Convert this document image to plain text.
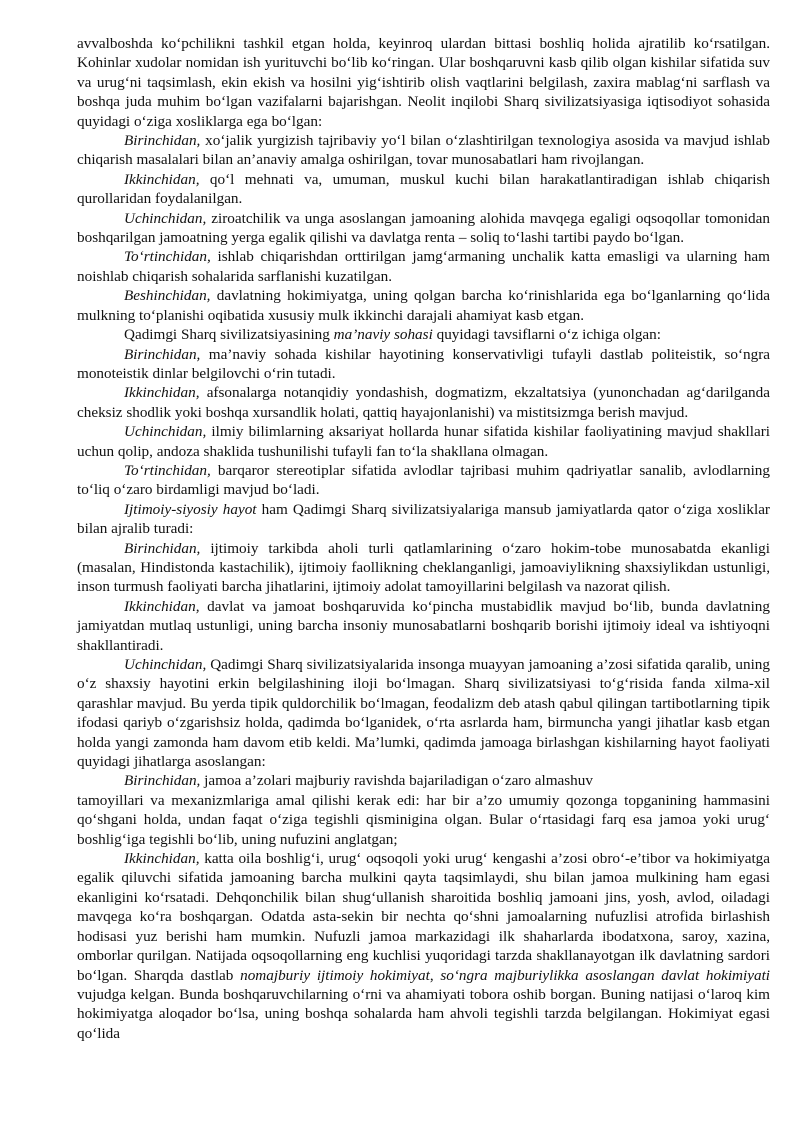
avvalboshda ko‘pchilikni tashkil etgan holda, keyinroq ulardan bittasi boshliq holida ajratilib ko‘rsatilgan. Kohinlar xudolar nomidan ish yurituvchi bo‘lib ko‘ringan. Ular boshqaruvni kasb qilib olgan kishilar sifatida suv va urug‘ni taqsimlash, ekin ekish va hosilni yig‘ishtirib olish vaqtlarini belgilash, zaxira mablag‘ni sarflash va boshqa juda muhim bo‘lgan vazifalarni bajarishgan. Neolit inqilobi Sharq sivilizatsiyasiga iqtisodiyot sohasida quyidagi o‘ziga xosliklarga ega bo‘lgan:

Birinchidan, xo‘jalik yurgizish tajribaviy yo‘l bilan o‘zlashtirilgan texnologiya asosida va mavjud ishlab chiqarish masalalari bilan an’anaviy amalga oshirilgan, tovar munosabatlari ham rivojlangan.

Ikkinchidan, qo‘l mehnati va, umuman, muskul kuchi bilan harakatlantiradigan ishlab chiqarish qurollaridan foydalanilgan.

Uchinchidan, ziroatchilik va unga asoslangan jamoaning alohida mavqega egaligi oqsoqollar tomonidan boshqarilgan jamoatning yerga egalik qilishi va davlatga renta – soliq to‘lashi tartibi paydo bo‘lgan.

To‘rtinchidan, ishlab chiqarishdan orttirilgan jamg‘armaning unchalik katta emasligi va ularning ham noishlab chiqarish sohalarida sarflanishi kuzatilgan.

Beshinchidan, davlatning hokimiyatga, uning qolgan barcha ko‘rinishlarida ega bo‘lganlarning qo‘lida mulkning to‘planishi oqibatida xususiy mulk ikkinchi darajali ahamiyat kasb etgan.

Qadimgi Sharq sivilizatsiyasining ma’naviy sohasi quyidagi tavsiflarni o‘z ichiga olgan:

Birinchidan, ma’naviy sohada kishilar hayotining konservativligi tufayli dastlab politeistik, so‘ngra monoteistik dinlar belgilovchi o‘rin tutadi.

Ikkinchidan, afsonalarga notanqidiy yondashish, dogmatizm, ekzaltatsiya (yunonchadan ag‘darilganda cheksiz shodlik yoki boshqa xursandlik holati, qattiq hayajonlanishi) va mistitsizmga berish mavjud.

Uchinchidan, ilmiy bilimlarning aksariyat hollarda hunar sifatida kishilar faoliyatining mavjud shakllari uchun qolip, andoza shaklida tushunilishi tufayli fan to‘la shakllana olmagan.

To‘rtinchidan, barqaror stereotiplar sifatida avlodlar tajribasi muhim qadriyatlar sanalib, avlodlarning to‘liq o‘zaro birdamligi mavjud bo‘ladi.

Ijtimoiy-siyosiy hayot ham Qadimgi Sharq sivilizatsiyalariga mansub jamiyatlarda qator o‘ziga xosliklar bilan ajralib turadi:

Birinchidan, ijtimoiy tarkibda aholi turli qatlamlarining o‘zaro hokim-tobe munosabatda ekanligi (masalan, Hindistonda kastachilik), ijtimoiy faollikning cheklanganligi, jamoaviylikning shaxsiylikdan ustunligi, inson turmush faoliyati barcha jihatlarini, ijtimoiy adolat tamoyillarini belgilash va nazorat qilish.

Ikkinchidan, davlat va jamoat boshqaruvida ko‘pincha mustabidlik mavjud bo‘lib, bunda davlatning jamiyatdan mutlaq ustunligi, uning barcha insoniy munosabatlarni boshqarib borishi ijtimoiy ideal va ishtiyoqni shakllantiradi.

Uchinchidan, Qadimgi Sharq sivilizatsiyalarida insonga muayyan jamoaning a’zosi sifatida qaralib, uning o‘z shaxsiy hayotini erkin belgilashining iloji bo‘lmagan. Sharq sivilizatsiyasi to‘g‘risida fanda xilma-xil qarashlar mavjud. Bu yerda tipik quldorchilik bo‘lmagan, feodalizm deb atash qabul qilingan tartibotlarning tipik ifodasi qariyb o‘zgarishsiz holda, qadimda bo‘lganidek, o‘rta asrlarda ham, birmuncha yangi jihatlar kasb etgan holda yangi zamonda ham davom etib keldi. Ma’lumki, qadimda jamoaga birlashgan kishilarning hayot faoliyati quyidagi jihatlarga asoslangan:

Birinchidan, jamoa a’zolari majburiy ravishda bajariladigan o‘zaro almashuv

tamoyillari va mexanizmlariga amal qilishi kerak edi: har bir a’zo umumiy qozonga topganining hammasini qo‘shgani holda, undan faqat o‘ziga tegishli qisminigina olgan. Bular o‘rtasidagi farq esa jamoa yoki urug‘ boshlig‘iga tegishli bo‘lib, uning nufuzini anglatgan;

Ikkinchidan, katta oila boshlig‘i, urug‘ oqsoqoli yoki urug‘ kengashi a’zosi obro‘-e’tibor va hokimiyatga egalik qiluvchi sifatida jamoaning barcha mulkini qayta taqsimlaydi, shu bilan jamoa mulkining ham egasi ekanligini ko‘rsatadi. Dehqonchilik bilan shug‘ullanish sharoitida boshliq jamoani jins, yosh, avlod, oiladagi mavqega ko‘ra boshqargan. Odatda asta-sekin bir nechta qo‘shni jamoalarning nufuzlisi atrofida birlashish hodisasi yuz berishi ham mumkin. Nufuzli jamoa markazidagi ilk shaharlarda ibodatxona, saroy, xazina, omborlar qurilgan. Natijada oqsoqollarning eng kuchlisi yuqoridagi tarzda shakllanayotgan ilk davlatning sardori bo‘lgan. Sharqda dastlab nomajburiy ijtimoiy hokimiyat, so‘ngra majburiylikka asoslangan davlat hokimiyati vujudga kelgan. Bunda boshqaruvchilarning o‘rni va ahamiyati tobora oshib borgan. Buning natijasi o‘laroq kim hokimiyatga aloqador bo‘lsa, uning boshqa sohalarda ham ahvoli tegishli tarzda belgilangan. Hokimiyat egasi qo‘lida
